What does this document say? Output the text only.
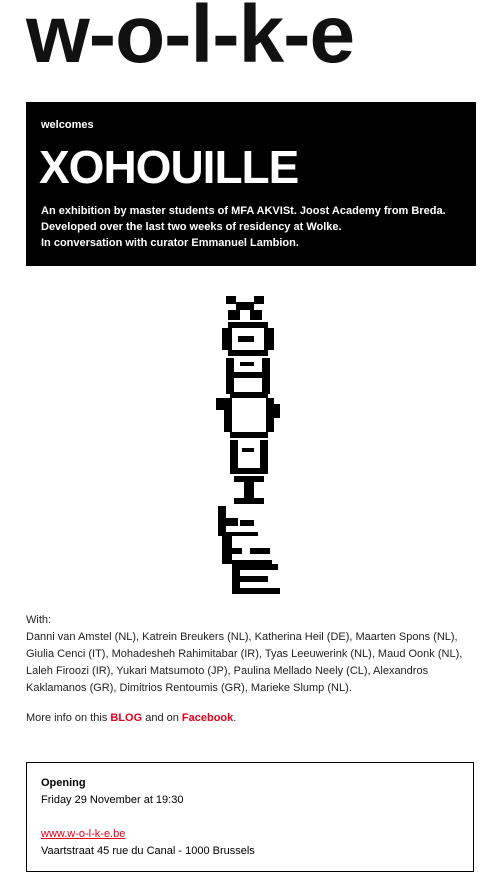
w-o-l-k-e
welcomes
XOHOUILLE
An exhibition by master students of MFA AKVISt. Joost Academy from Breda.
Developed over the last two weeks of residency at Wolke.
In conversation with curator Emmanuel Lambion.
With:
Danni van Amstel (NL), Katrein Breukers (NL), Katherina Heil (DE), Maarten Spons (NL),
Giulia Cenci (IT), Mohadesheh Rahimitabar (IR), Tyas Leeuwerink (NL), Maud Oonk (NL),
Laleh Firoozi (IR), Yukari Matsumoto (JP), Paulina Mellado Neely (CL), Alexandros
Kaklamanos (GR), Dimitrios Rentoumis (GR), Marieke Slump (NL).
More info on this BLOG and on Facebook.
Opening
Friday 29 November at 19:30
www.w-o-l-k-e.be
Vaartstraat 45 rue du Canal - 1000 Brussels
